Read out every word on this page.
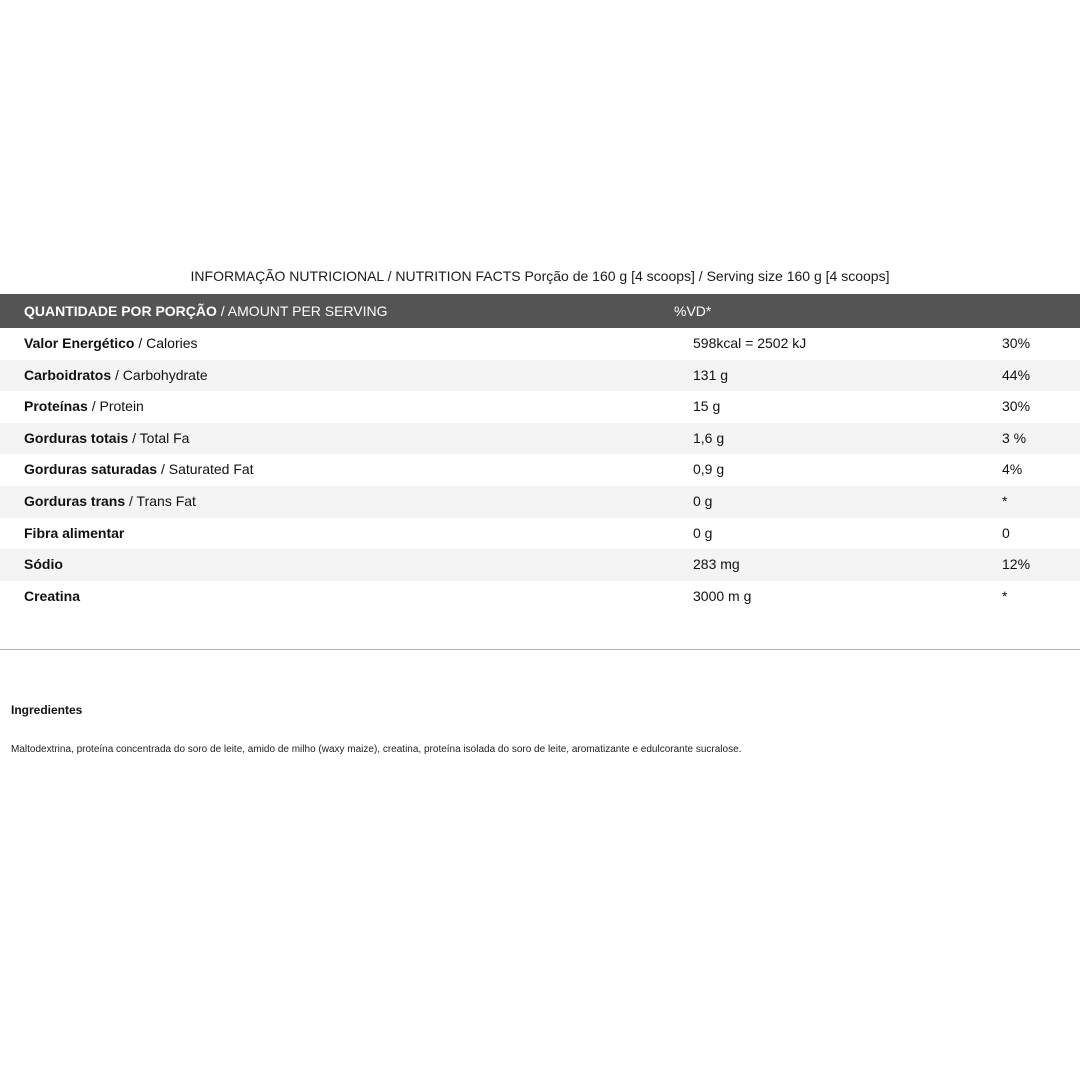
INFORMAÇÃO NUTRICIONAL / NUTRITION FACTS Porção de 160 g [4 scoops] / Serving size 160 g [4 scoops]
QUANTIDADE POR PORÇÃO / AMOUNT PER SERVING	%VD*
Valor Energético / Calories	598kcal = 2502 kJ	30%
Carboidratos / Carbohydrate	131 g	44%
Proteínas / Protein	15 g	30%
Gorduras totais / Total Fa	1,6 g	3 %
Gorduras saturadas / Saturated Fat	0,9 g	4%
Gorduras trans / Trans Fat	0 g	*
Fibra alimentar	0 g	0
Sódio	283 mg	12%
Creatina	3000 m g	*
Ingredientes
Maltodextrina, proteína concentrada do soro de leite, amido de milho (waxy maize), creatina, proteína isolada do soro de leite, aromatizante e edulcorante sucralose.
